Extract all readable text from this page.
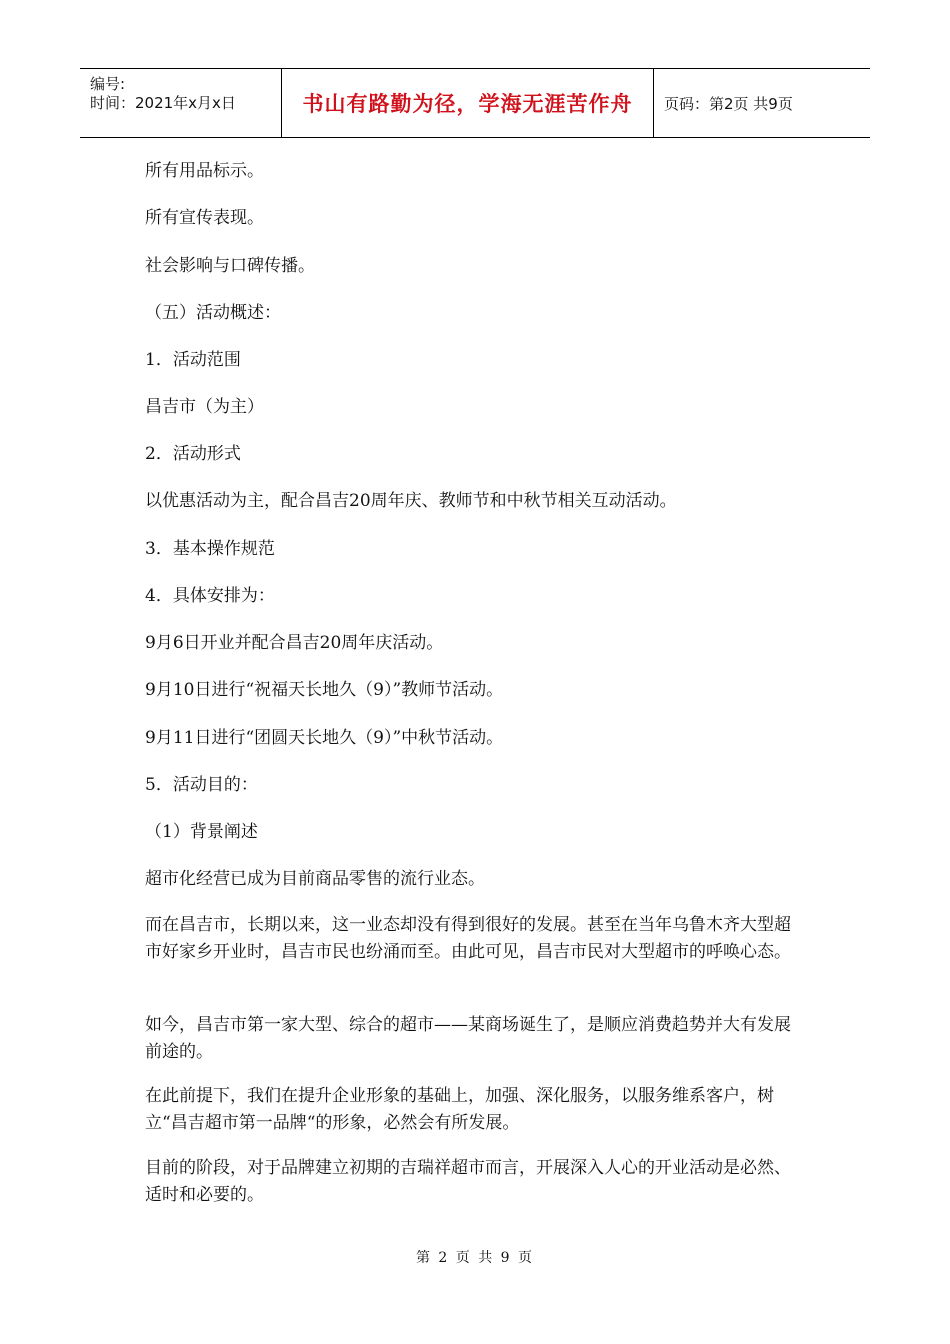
编号:
时间：2021年x月x日	书山有路勤为径，学海无涯苦作舟	页码：第2页 共9页
所有用品标示。
所有宣传表现。
社会影响与口碑传播。
（五）活动概述：
1．活动范围
昌吉市（为主）
2．活动形式
以优惠活动为主，配合昌吉20周年庆、教师节和中秋节相关互动活动。
3．基本操作规范
4．具体安排为：
9月6日开业并配合昌吉20周年庆活动。
9月10日进行“祝福天长地久（9）”教师节活动。
9月11日进行“团圆天长地久（9）”中秋节活动。
5．活动目的：
（1）背景阐述
超市化经营已成为目前商品零售的流行业态。
而在昌吉市，长期以来，这一业态却没有得到很好的发展。甚至在当年乌鲁木齐大型超市好家乡开业时，昌吉市民也纷涌而至。由此可见，昌吉市民对大型超市的呼唤心态。
如今，昌吉市第一家大型、综合的超市——某商场诞生了，是顺应消费趋势并大有发展前途的。
在此前提下，我们在提升企业形象的基础上，加强、深化服务，以服务维系客户，树立“昌吉超市第一品牌“的形象，必然会有所发展。
目前的阶段，对于品牌建立初期的吉瑞祥超市而言，开展深入人心的开业活动是必然、适时和必要的。
第 2 页 共 9 页
